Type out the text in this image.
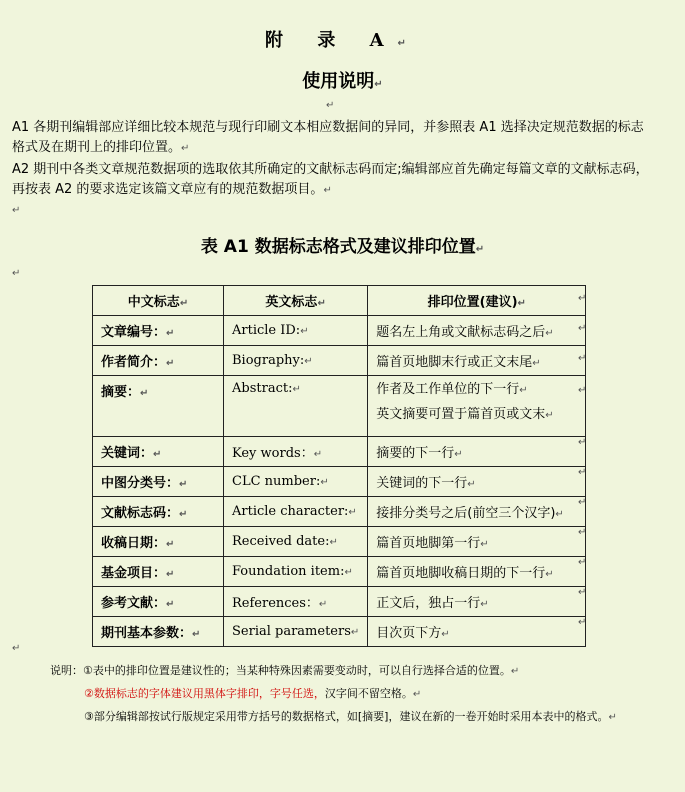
附 录 A↵
使用说明↵
↵
A1 各期刊编辑部应详细比较本规范与现行印刷文本相应数据间的异同，并参照表 A1 选择决定规范数据的标志格式及在期刊上的排印位置。↵
A2 期刊中各类文章规范数据项的选取依其所确定的文献标志码而定;编辑部应首先确定每篇文章的文献标志码，再按表 A2 的要求选定该篇文章应有的规范数据项目。↵
↵
表 A1 数据标志格式及建议排印位置↵
↵
中文标志↵	英文标志↵	排印位置(建议)↵
文章编号：↵	Article ID:↵	题名左上角或文献标志码之后↵
作者简介：↵	Biography:↵	篇首页地脚末行或正文末尾↵
摘要：↵	Abstract:↵	作者及工作单位的下一行↵
英文摘要可置于篇首页或文末↵

关键词：↵	Key words：↵	摘要的下一行↵
中图分类号：↵	CLC number:↵	关键词的下一行↵
文献标志码：↵	Article character:↵	接排分类号之后(前空三个汉字)↵
收稿日期：↵	Received date:↵	篇首页地脚第一行↵
基金项目：↵	Foundation item:↵	篇首页地脚收稿日期的下一行↵
参考文献：↵	References：↵	正文后，独占一行↵
期刊基本参数：↵	Serial parameters↵	目次页下方↵
↵
↵
↵
↵
↵
↵
↵
↵
↵
↵
↵
↵
说明：①表中的排印位置是建议性的；当某种特殊因素需要变动时，可以自行选择合适的位置。↵
②数据标志的字体建议用黑体字排印，字号任选，汉字间不留空格。↵
③部分编辑部按试行版规定采用带方括号的数据格式，如[摘要]，建议在新的一卷开始时采用本表中的格式。↵
